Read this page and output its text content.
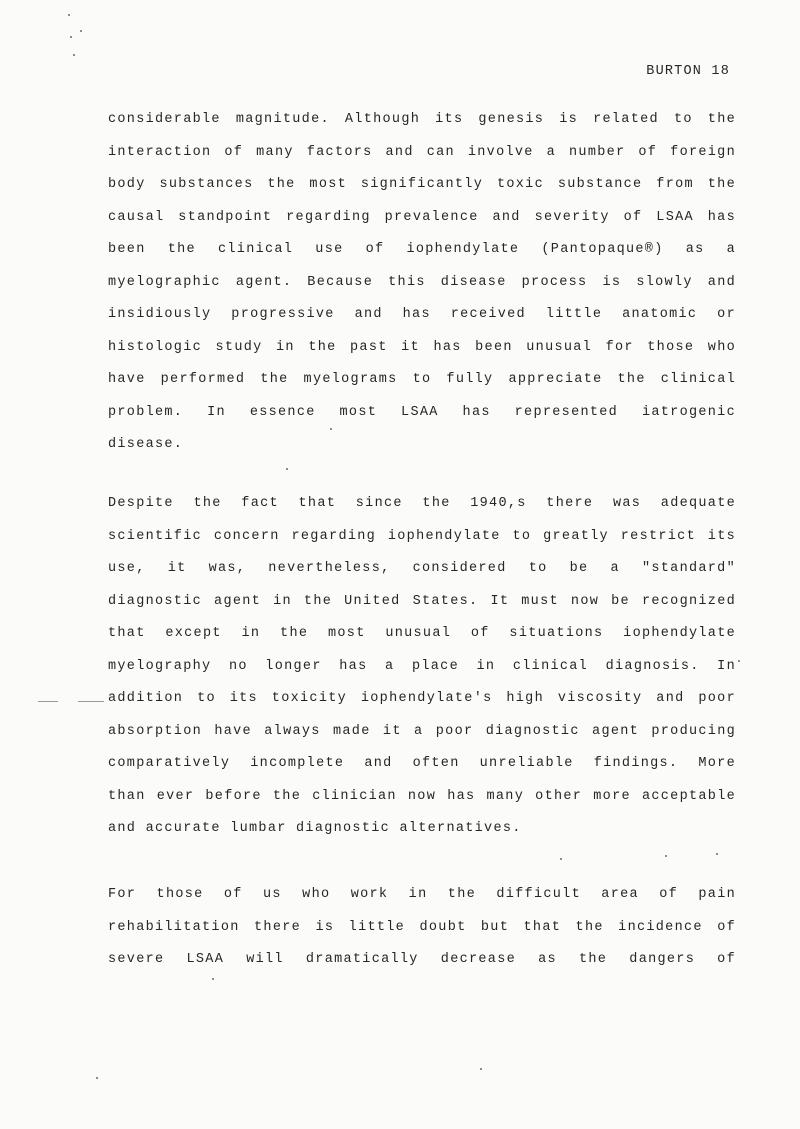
BURTON 18
considerable magnitude. Although its genesis is related to the
interaction of many factors and can involve a number of foreign
body substances the most significantly toxic substance from the
causal standpoint regarding prevalence and severity of LSAA has
been the clinical use of iophendylate (Pantopaque®) as a
myelographic agent. Because this disease process is slowly and
insidiously progressive and has received little anatomic or
histologic study in the past it has been unusual for those who
have performed the myelograms to fully appreciate the clinical
problem. In essence most LSAA has represented iatrogenic
disease.
Despite the fact that since the 1940,s there was adequate
scientific concern regarding iophendylate to greatly restrict its
use, it was, nevertheless, considered to be a "standard"
diagnostic agent in the United States. It must now be recognized
that except in the most unusual of situations iophendylate
myelography no longer has a place in clinical diagnosis. In
addition to its toxicity iophendylate's high viscosity and poor
absorption have always made it a poor diagnostic agent producing
comparatively incomplete and often unreliable findings. More
than ever before the clinician now has many other more acceptable
and accurate lumbar diagnostic alternatives.
For those of us who work in the difficult area of pain
rehabilitation there is little doubt but that the incidence of
severe LSAA will dramatically decrease as the dangers of
